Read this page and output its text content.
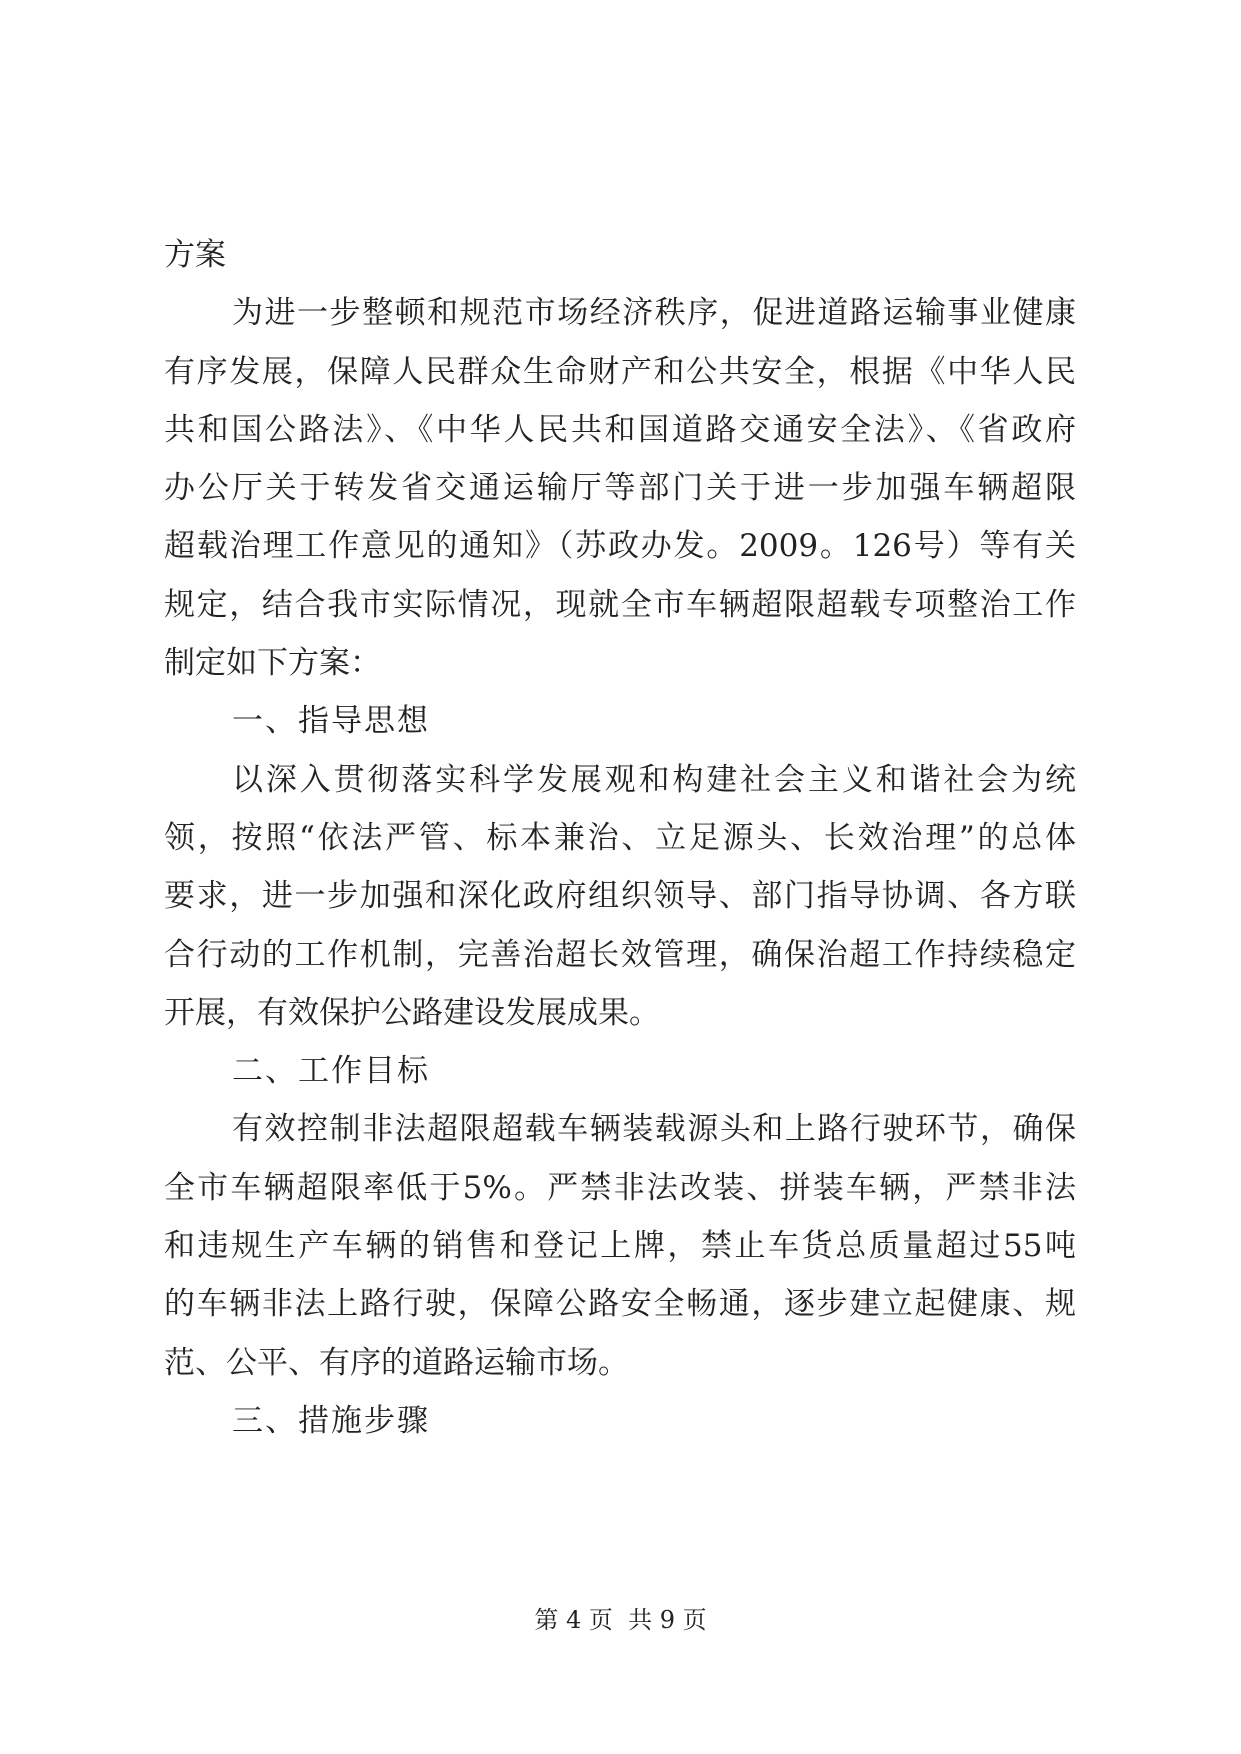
方案
为进一步整顿和规范市场经济秩序，促进道路运输事业健康
有序发展，保障人民群众生命财产和公共安全，根据《中华人民
共和国公路法》、《中华人民共和国道路交通安全法》、《省政府
办公厅关于转发省交通运输厅等部门关于进一步加强车辆超限
超载治理工作意见的通知》（苏政办发。2009。126号）等有关
规定，结合我市实际情况，现就全市车辆超限超载专项整治工作
制定如下方案：
一、指导思想
以深入贯彻落实科学发展观和构建社会主义和谐社会为统
领，按照“依法严管、标本兼治、立足源头、长效治理”的总体
要求，进一步加强和深化政府组织领导、部门指导协调、各方联
合行动的工作机制，完善治超长效管理，确保治超工作持续稳定
开展，有效保护公路建设发展成果。
二、工作目标
有效控制非法超限超载车辆装载源头和上路行驶环节，确保
全市车辆超限率低于5%。严禁非法改装、拼装车辆，严禁非法
和违规生产车辆的销售和登记上牌，禁止车货总质量超过55吨
的车辆非法上路行驶，保障公路安全畅通，逐步建立起健康、规
范、公平、有序的道路运输市场。
三、措施步骤
第 4 页  共 9 页
